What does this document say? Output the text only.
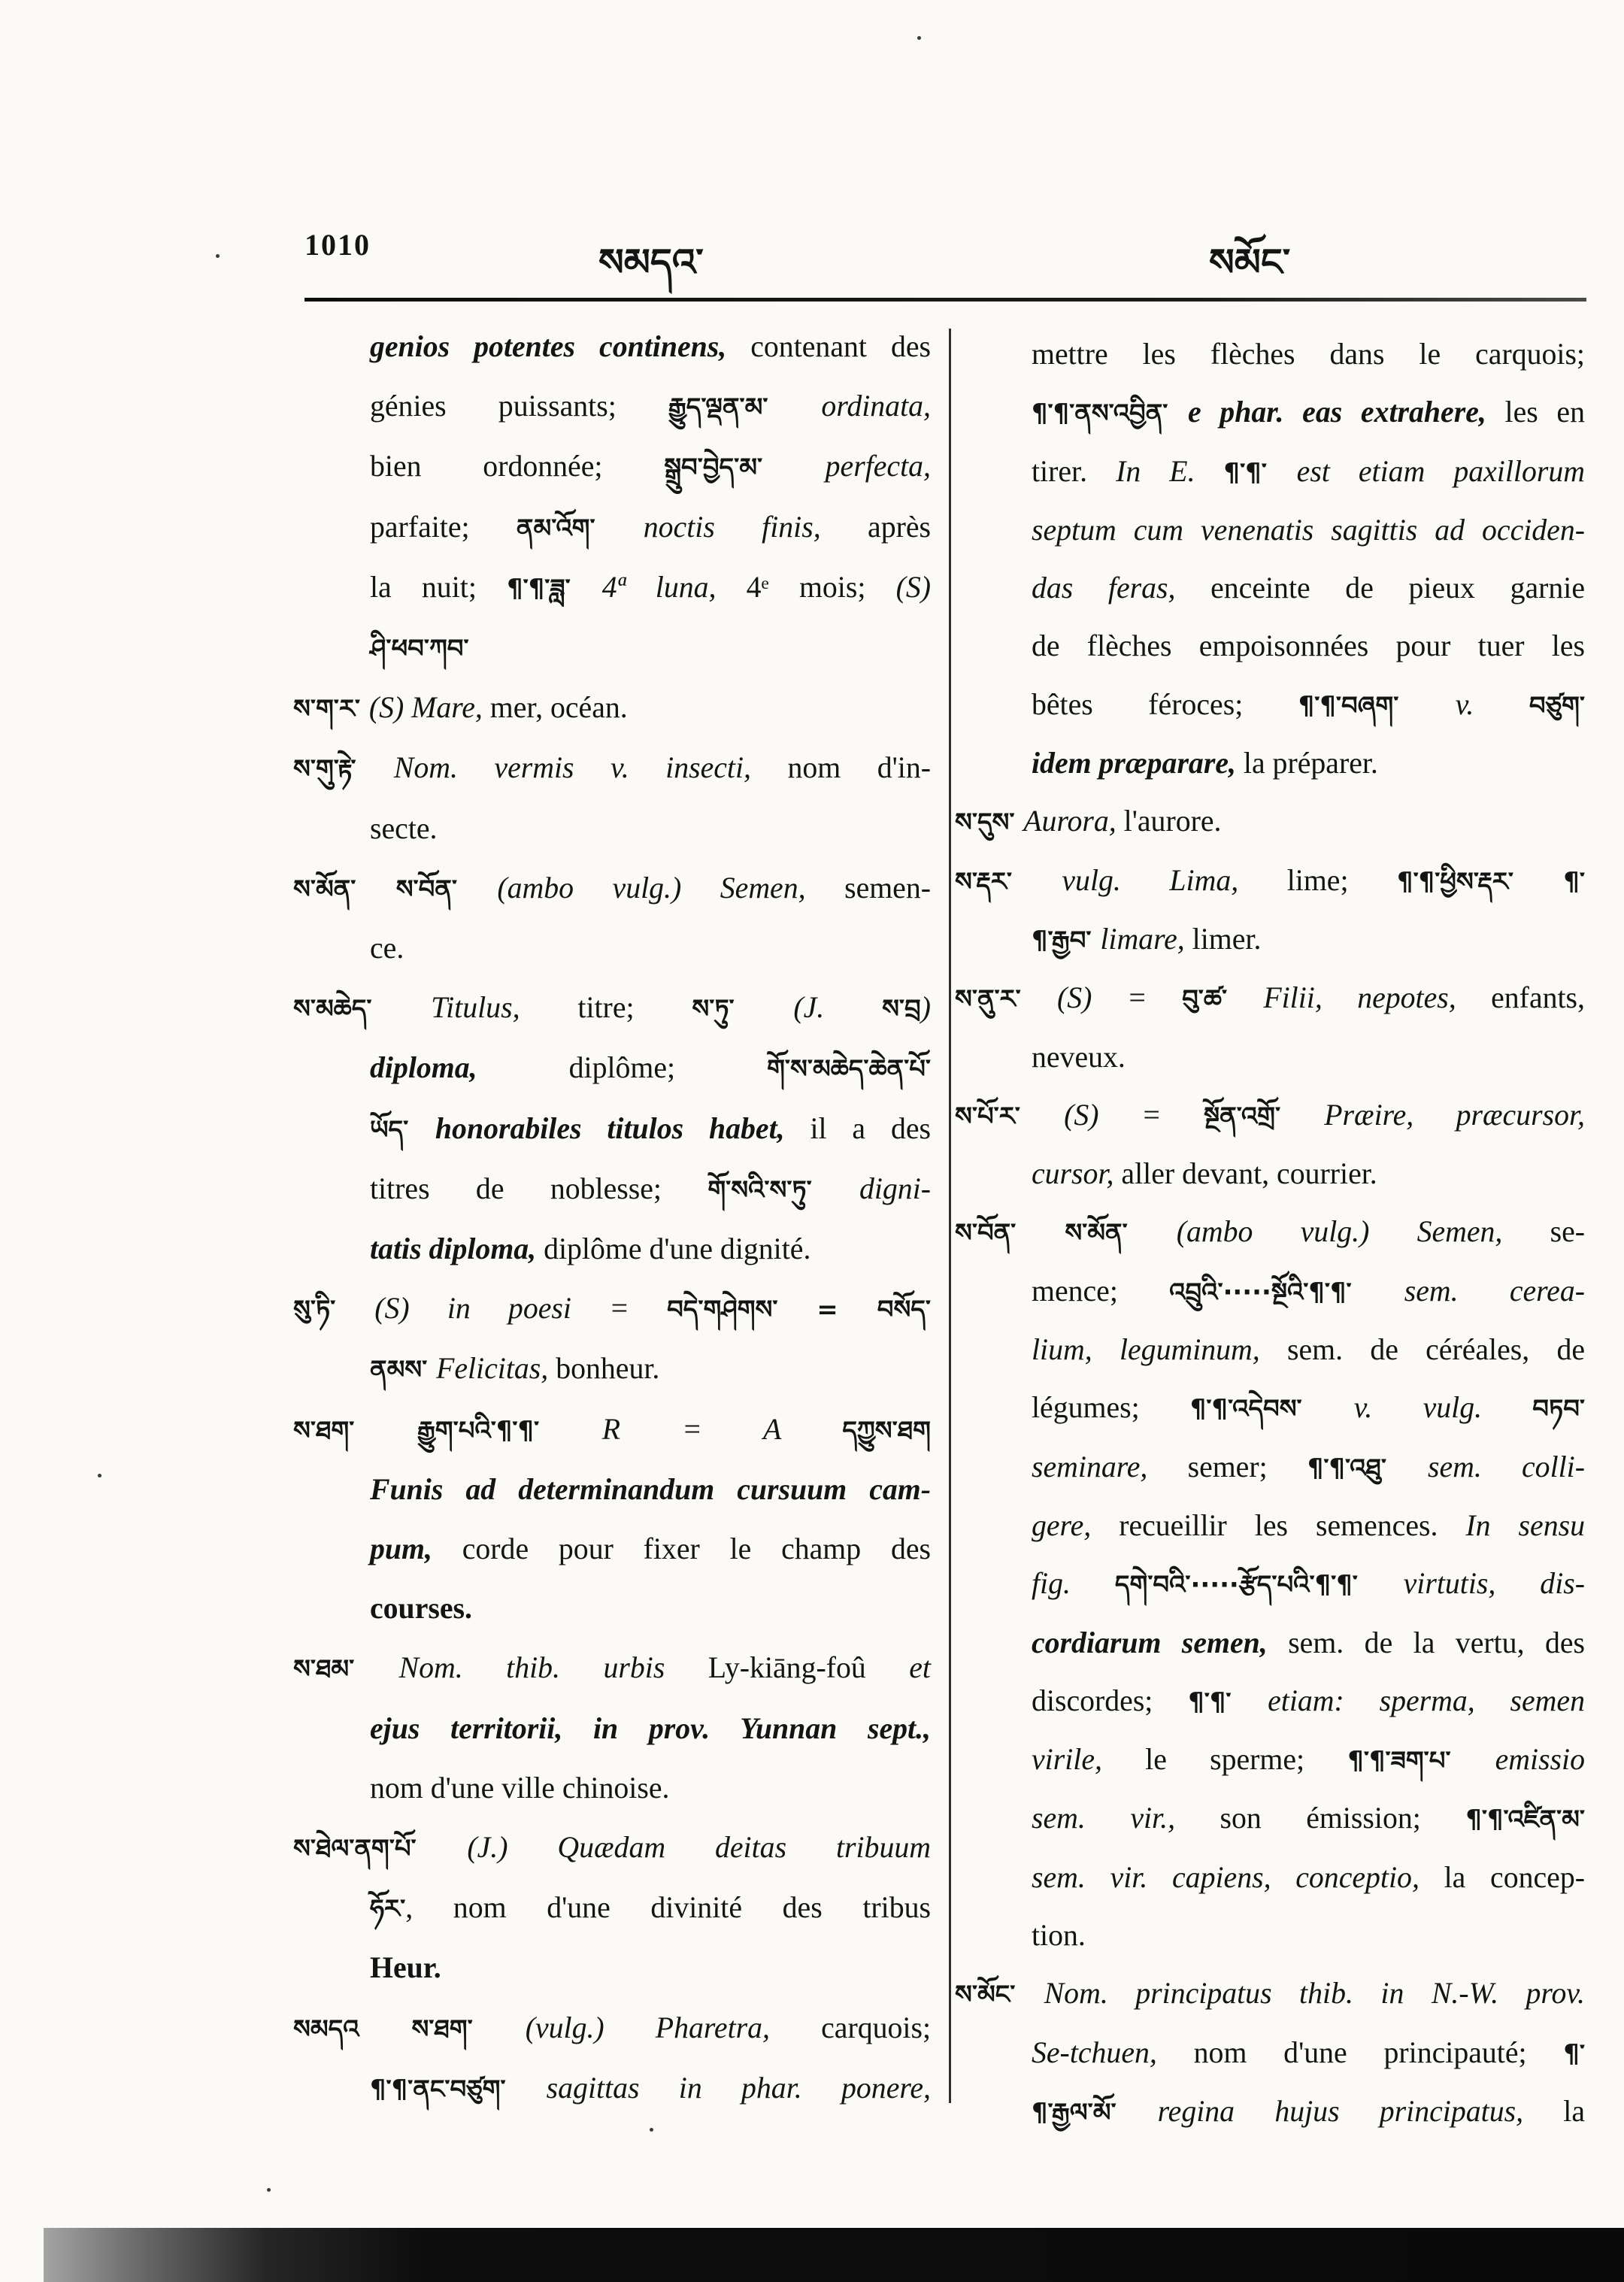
1010	སམདའ་	སམོང་
genios potentes continens, contenant des
génies puissants; རྒྱུད་ལྡན་མ་ ordinata,
bien ordonnée; སྒྲུབ་བྱེད་མ་ perfecta,
parfaite; ནམ་འོག་ noctis finis, après
la nuit; ¶་¶་ཟླ་ 4ª luna, 4ᵉ mois; (S)
ཤི་ཕབ་ཀབ་
ས་ག་ར་ (S) Mare, mer, océan.
ས་གུ་རྟེ་ Nom. vermis v. insecti, nom d'in-
secte.
ས་མོན་ ས་བོན་ (ambo vulg.) Semen, semen-
ce.
ས་མཆེད་ Titulus, titre; ས་ཏུ་ (J. ས་བྲ)
diploma, diplôme; གོ་ས་མཆེད་ཆེན་པོ་
ཡོད་ honorabiles titulos habet, il a des
titres de noblesse; གོ་སའི་ས་ཏུ་ digni-
tatis diploma, diplôme d'une dignité.
སུ་ཏི་ (S) in poesi = བདེ་གཤེགས་ = བསོད་
ནམས་ Felicitas, bonheur.
ས་ཐག་ རྒྱུག་པའི་¶་¶་ R = A དཀྱུས་ཐག
Funis ad determinandum cursuum cam-
pum, corde pour fixer le champ des
courses.
ས་ཐམ་ Nom. thib. urbis Ly-kiāng-foû et
ejus territorii, in prov. Yunnan sept.,
nom d'une ville chinoise.
ས་ཐེལ་ནག་པོ་ (J.) Quædam deitas tribuum
ཧོར་, nom d'une divinité des tribus
Heur.
སམདའ ས་ཐག་ (vulg.) Pharetra, carquois;
¶་¶་ནང་བཙུག་ sagittas in phar. ponere,
mettre les flèches dans le carquois;
¶་¶་ནས་འབྱིན་ e phar. eas extrahere, les en
tirer. In E. ¶་¶་ est etiam paxillorum
septum cum venenatis sagittis ad occiden-
das feras, enceinte de pieux garnie
de flèches empoisonnées pour tuer les
bêtes féroces; ¶་¶་བཞག་ v. བཙུག་
idem præparare, la préparer.
ས་དུས་ Aurora, l'aurore.
ས་རྡར་ vulg. Lima, lime; ¶་¶་ཕྱིས་རྡར་ ¶་
¶་རྒྱབ་ limare, limer.
ས་ནུ་ར་ (S) = བུ་ཚ་ Filii, nepotes, enfants,
neveux.
ས་པོ་ར་ (S) = སྔོན་འགྲོ་ Præire, præcursor,
cursor, aller devant, courrier.
ས་བོན་ ས་མོན་ (ambo vulg.) Semen, se-
mence; འབྲུའི་·····སྔོའི་¶་¶་ sem. cerea-
lium, leguminum, sem. de céréales, de
légumes; ¶་¶་འདེབས་ v. vulg. བཏབ་
seminare, semer; ¶་¶་འཐུ་ sem. colli-
gere, recueillir les semences. In sensu
fig. དགེ་བའི་·····རྩོད་པའི་¶་¶་ virtutis, dis-
cordiarum semen, sem. de la vertu, des
discordes; ¶་¶་ etiam: sperma, semen
virile, le sperme; ¶་¶་ཟག་པ་ emissio
sem. vir., son émission; ¶་¶་འཛིན་མ་
sem. vir. capiens, conceptio, la concep-
tion.
ས་མོང་ Nom. principatus thib. in N.-W. prov.
Se-tchuen, nom d'une principauté; ¶་
¶་རྒྱལ་མོ་ regina hujus principatus, la
